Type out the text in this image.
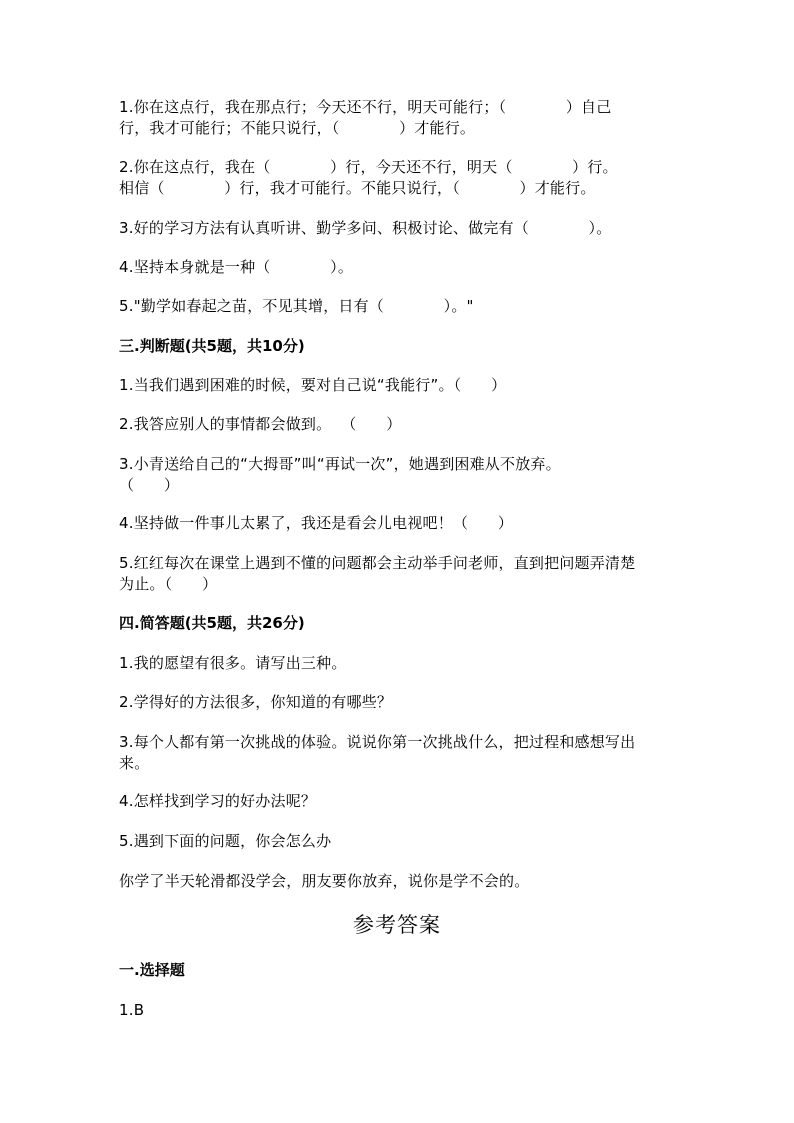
1.你在这点行，我在那点行；今天还不行，明天可能行；（            ）自己
行，我才可能行；不能只说行，（            ）才能行。
2.你在这点行，我在（            ）行，今天还不行，明天（            ）行。
相信（            ）行，我才可能行。不能只说行，（            ）才能行。
3.好的学习方法有认真听讲、勤学多问、积极讨论、做完有（            ）。
4.坚持本身就是一种（            ）。
5."勤学如春起之苗，不见其增，日有（            ）。"
三.判断题(共5题，共10分)
1.当我们遇到困难的时候，要对自己说“我能行”。（      ）
2.我答应别人的事情都会做到。  （      ）
3.小青送给自己的“大拇哥”叫“再试一次”，她遇到困难从不放弃。
（      ）
4.坚持做一件事儿太累了，我还是看会儿电视吧！（      ）
5.红红每次在课堂上遇到不懂的问题都会主动举手问老师，直到把问题弄清楚
为止。（      ）
四.简答题(共5题，共26分)
1.我的愿望有很多。请写出三种。
2.学得好的方法很多，你知道的有哪些？
3.每个人都有第一次挑战的体验。说说你第一次挑战什么，把过程和感想写出
来。
4.怎样找到学习的好办法呢？
5.遇到下面的问题，你会怎么办
你学了半天轮滑都没学会，朋友要你放弃，说你是学不会的。
参考答案
一.选择题
1.B
